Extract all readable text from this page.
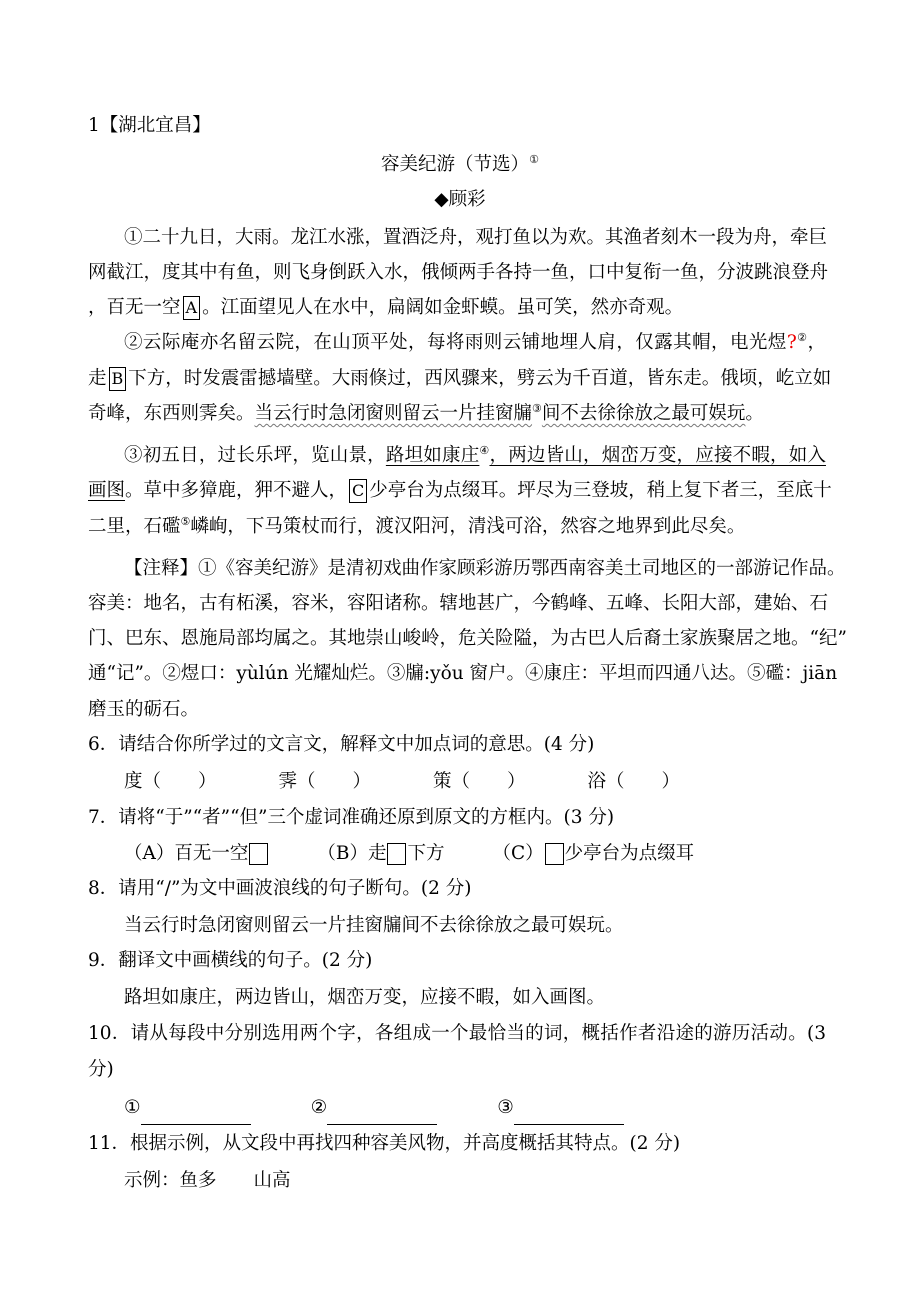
1【湖北宜昌】
容美纪游（节选）①
◆顾彩
①二十九日，大雨。龙江水涨，置酒泛舟，观打鱼以为欢。其渔者刻木一段为舟，牵巨
网截江，度其中有鱼，则飞身倒跃入水，俄倾两手各持一鱼，口中复衔一鱼，分波跳浪登舟
，百无一空 A 。江面望见人在水中，扁阔如金虾蟆。虽可笑，然亦奇观。
②云际庵亦名留云院，在山顶平处，每将雨则云铺地埋人肩，仅露其帽，电光煜?②，
走 B 下方，时发震雷撼墙壁。大雨倏过，西风骤来，劈云为千百道，皆东走。俄顷，屹立如
奇峰，东西则霁矣。当云行时急闭窗则留云一片挂窗牖③间不去徐徐放之最可娱玩。
③初五日，过长乐坪，览山景，路坦如康庄④，两边皆山，烟峦万变，应接不暇，如入
画图。草中多獐鹿，狎不避人， C 少亭台为点缀耳。坪尽为三登坡，稍上复下者三，至底十
二里，石礛⑤嶙峋，下马策杖而行，渡汉阳河，清浅可浴，然容之地界到此尽矣。
【注释】①《容美纪游》是清初戏曲作家顾彩游历鄂西南容美土司地区的一部游记作品。
容美：地名，古有柘溪，容米，容阳诸称。辖地甚广，今鹤峰、五峰、长阳大部，建始、石
门、巴东、恩施局部均属之。其地崇山峻岭，危关险隘，为古巴人后裔土家族聚居之地。“纪”
通“记”。②煜口：yùlún 光耀灿烂。③牖:yǒu 窗户。④康庄：平坦而四通八达。⑤礛：jiān
磨玉的砺石。
6．请结合你所学过的文言文，解释文中加点词的意思。(4 分)
度（　　）	霁（　　）	策（　　）	浴（　　）
7．请将“于”“者”“但”三个虚词准确还原到原文的方框内。(3 分)
（A）百无一空	（B）走 下方	（C） 少亭台为点缀耳
8．请用“/”为文中画波浪线的句子断句。(2 分)
当云行时急闭窗则留云一片挂窗牖间不去徐徐放之最可娱玩。
9．翻译文中画横线的句子。(2 分)
路坦如康庄，两边皆山，烟峦万变，应接不暇，如入画图。
10．请从每段中分别选用两个字，各组成一个最恰当的词，概括作者沿途的游历活动。(3
分)
①	②	③
11．根据示例，从文段中再找四种容美风物，并高度概括其特点。(2 分)
示例：鱼多　　山高
